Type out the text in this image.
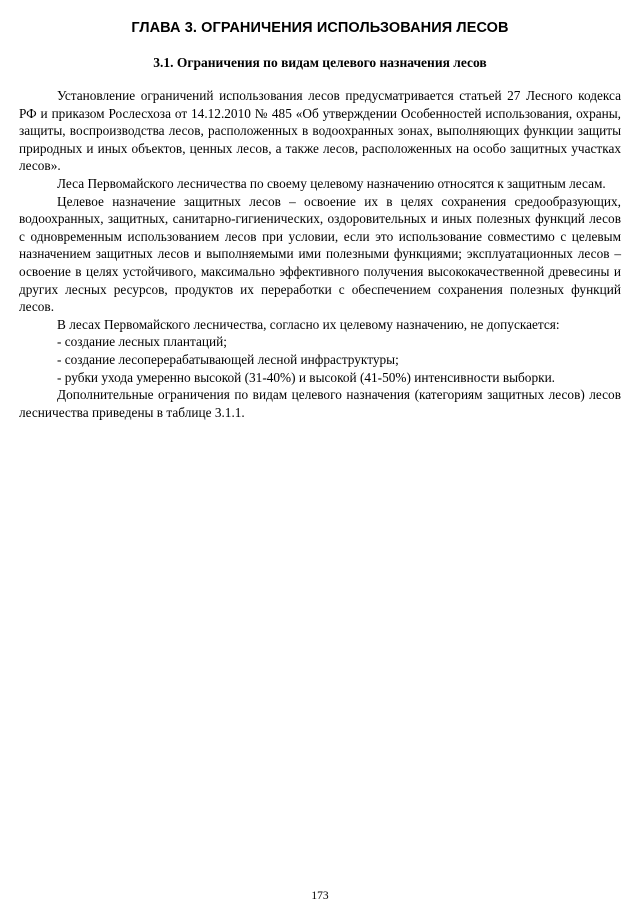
ГЛАВА 3. ОГРАНИЧЕНИЯ ИСПОЛЬЗОВАНИЯ ЛЕСОВ
3.1. Ограничения по видам целевого назначения лесов

Установление ограничений использования лесов предусматривается статьей 27 Лесного кодекса РФ и приказом Рослесхоза от 14.12.2010 № 485 «Об утверждении Особенностей использования, охраны, защиты, воспроизводства лесов, расположенных в водоохранных зонах, выполняющих функции защиты природных и иных объектов, ценных лесов, а также лесов, расположенных на особо защитных участках лесов».

Леса Первомайского лесничества по своему целевому назначению относятся к защитным лесам.

Целевое назначение защитных лесов – освоение их в целях сохранения средообразующих, водоохранных, защитных, санитарно-гигиенических, оздоровительных и иных полезных функций лесов с одновременным использованием лесов при условии, если это использование совместимо с целевым назначением защитных лесов и выполняемыми ими полезными функциями; эксплуатационных лесов – освоение в целях устойчивого, максимально эффективного получения высококачественной древесины и других лесных ресурсов, продуктов их переработки с обеспечением сохранения полезных функций лесов.

В лесах Первомайского лесничества, согласно их целевому назначению, не допускается:

- создание лесных плантаций;
- создание лесоперерабатывающей лесной инфраструктуры;
- рубки ухода умеренно высокой (31-40%) и высокой (41-50%) интенсивности выборки.

Дополнительные ограничения по видам целевого назначения (категориям защитных лесов) лесов лесничества приведены в таблице 3.1.1.

173
